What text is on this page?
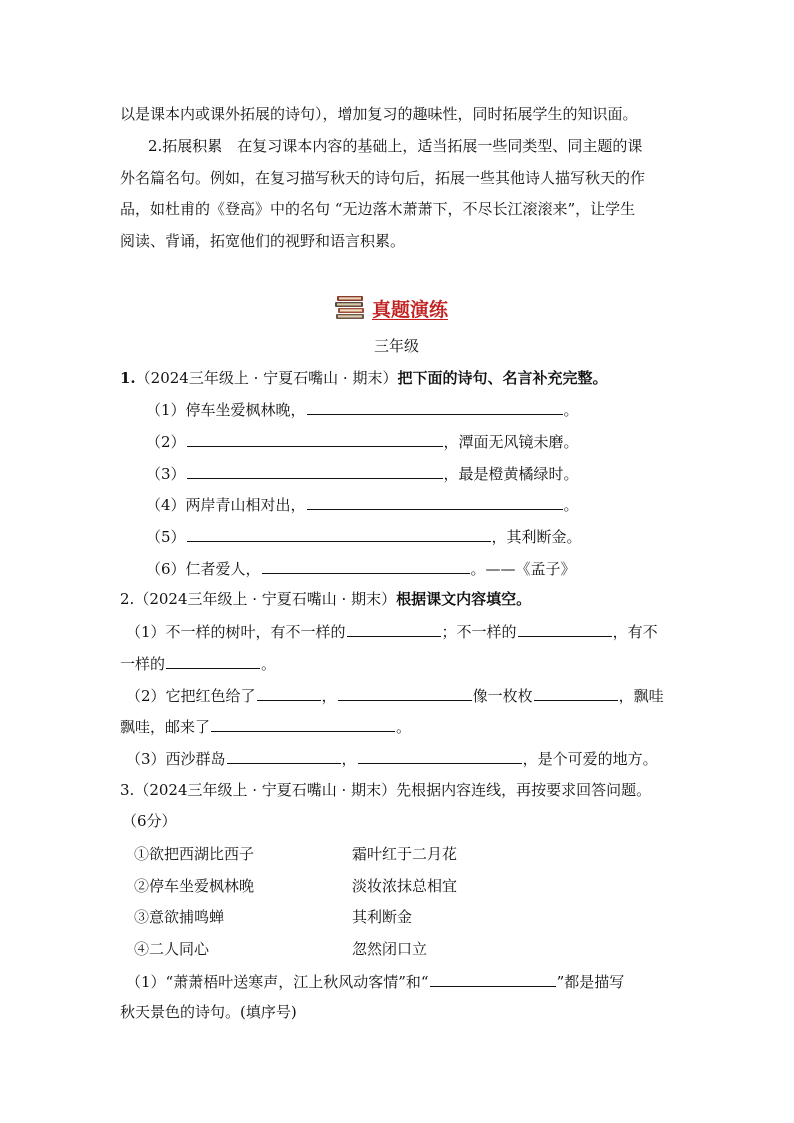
以是课本内或课外拓展的诗句），增加复习的趣味性，同时拓展学生的知识面。
2.拓展积累　在复习课本内容的基础上，适当拓展一些同类型、同主题的课
外名篇名句。例如，在复习描写秋天的诗句后，拓展一些其他诗人描写秋天的作
品，如杜甫的《登高》中的名句 “无边落木萧萧下，不尽长江滚滚来”，让学生
阅读、背诵，拓宽他们的视野和语言积累。
真题演练
三年级
1.（2024三年级上 · 宁夏石嘴山 · 期末）把下面的诗句、名言补充完整。
（1）停车坐爱枫林晚，	。
（2）	，潭面无风镜未磨。
（3）	，最是橙黄橘绿时。
（4）两岸青山相对出，	。
（5）	，其利断金。
（6）仁者爱人，	。——《孟子》
2.（2024三年级上 · 宁夏石嘴山 · 期末）根据课文内容填空。
（1）不一样的树叶，有不一样的	；不一样的	，有不
一样的	。
（2）它把红色给了	，	像一枚枚	，飘哇
飘哇，邮来了	。
（3）西沙群岛	，	，是个可爱的地方。
3.（2024三年级上 · 宁夏石嘴山 · 期末）先根据内容连线，再按要求回答问题。
（6分）
①欲把西湖比西子	霜叶红于二月花
②停车坐爱枫林晚	淡妆浓抹总相宜
③意欲捕鸣蝉	其利断金
④二人同心	忽然闭口立
（1）“萧萧梧叶送寒声，江上秋风动客情”和“	”都是描写
秋天景色的诗句。(填序号)
